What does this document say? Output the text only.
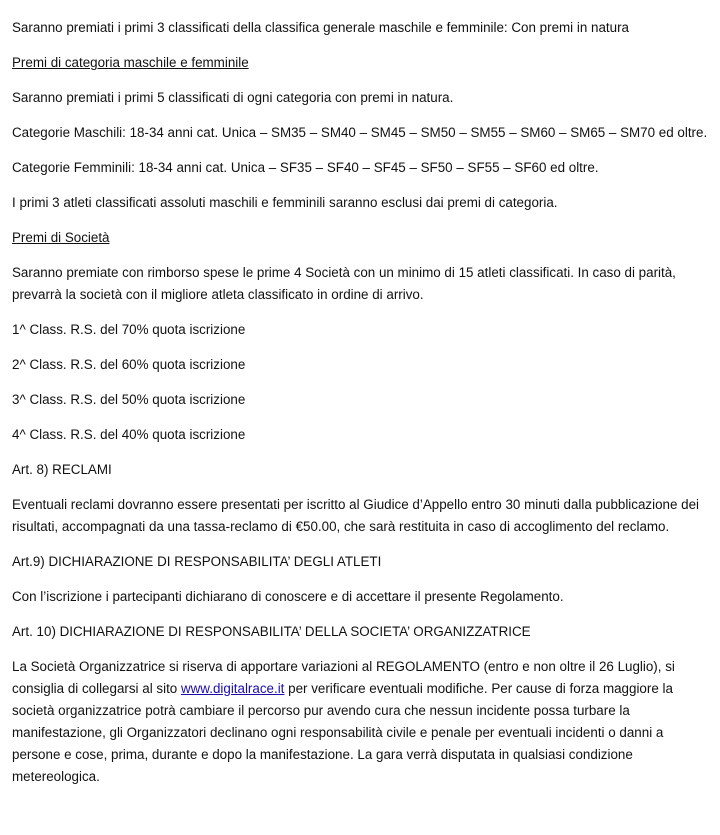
Saranno premiati i primi 3 classificati della classifica generale maschile e femminile: Con premi in natura

Premi di categoria maschile e femminile

Saranno premiati i primi 5 classificati di ogni categoria con premi in natura.

Categorie Maschili: 18-34 anni cat. Unica – SM35 – SM40 – SM45 – SM50 – SM55 – SM60 – SM65 – SM70 ed oltre.

Categorie Femminili: 18-34 anni cat. Unica – SF35 – SF40 – SF45 – SF50 – SF55 – SF60 ed oltre.

I primi 3 atleti classificati assoluti maschili e femminili saranno esclusi dai premi di categoria.

Premi di Società

Saranno premiate con rimborso spese le prime 4 Società con un minimo di 15 atleti classificati. In caso di parità, prevarrà la società con il migliore atleta classificato in ordine di arrivo.

1^ Class. R.S. del 70% quota iscrizione

2^ Class. R.S. del 60% quota iscrizione

3^ Class. R.S. del 50% quota iscrizione

4^ Class. R.S. del 40% quota iscrizione

Art. 8) RECLAMI

Eventuali reclami dovranno essere presentati per iscritto al Giudice d’Appello entro 30 minuti dalla pubblicazione dei risultati, accompagnati da una tassa-reclamo di €50.00, che sarà restituita in caso di accoglimento del reclamo.

Art.9) DICHIARAZIONE DI RESPONSABILITA’ DEGLI ATLETI

Con l’iscrizione i partecipanti dichiarano di conoscere e di accettare il presente Regolamento.

Art. 10) DICHIARAZIONE DI RESPONSABILITA’ DELLA SOCIETA’ ORGANIZZATRICE

La Società Organizzatrice si riserva di apportare variazioni al REGOLAMENTO (entro e non oltre il 26 Luglio), si consiglia di collegarsi al sito www.digitalrace.it per verificare eventuali modifiche. Per cause di forza maggiore la società organizzatrice potrà cambiare il percorso pur avendo cura che nessun incidente possa turbare la manifestazione, gli Organizzatori declinano ogni responsabilità civile e penale per eventuali incidenti o danni a persone e cose, prima, durante e dopo la manifestazione. La gara verrà disputata in qualsiasi condizione metereologica.
